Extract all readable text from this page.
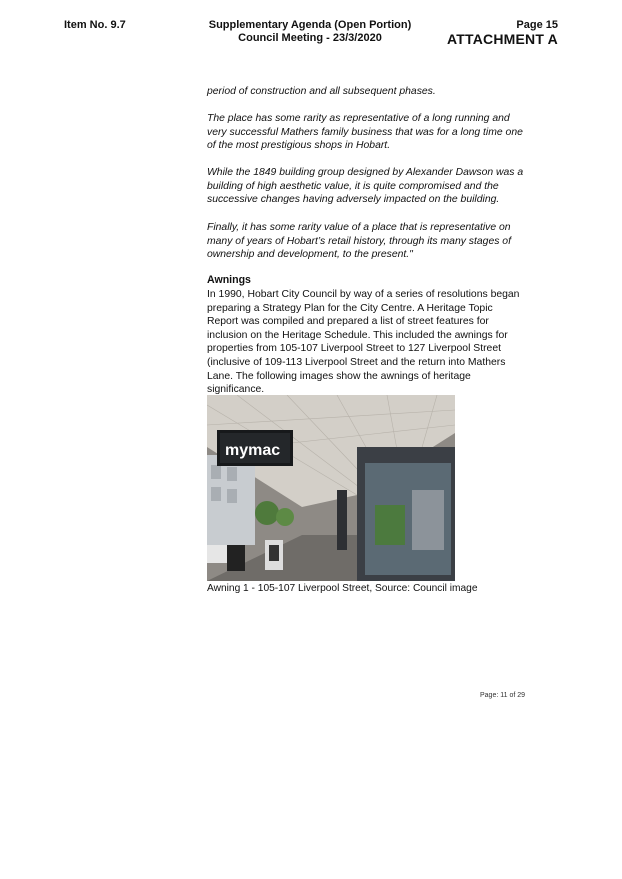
Item No. 9.7	Supplementary Agenda (Open Portion)
Council Meeting - 23/3/2020
Page 15
ATTACHMENT A

period of construction and all subsequent phases.

The place has some rarity as representative of a long running and very successful Mathers family business that was for a long time one of the most prestigious shops in Hobart.

While the 1849 building group designed by Alexander Dawson was a building of high aesthetic value, it is quite compromised and the successive changes having adversely impacted on the building.

Finally, it has some rarity value of a place that is representative on many of years of Hobart’s retail history, through its many stages of ownership and development, to the present."

Awnings

In 1990, Hobart City Council by way of a series of resolutions began preparing a Strategy Plan for the City Centre. A Heritage Topic Report was compiled and prepared a list of street features for inclusion on the Heritage Schedule. This included the awnings for properties from 105-107 Liverpool Street to 127 Liverpool Street (inclusive of 109-113 Liverpool Street and the return into Mathers Lane. The following images show the awnings of heritage significance.

mymac
Awning 1 - 105-107 Liverpool Street, Source: Council image
Page: 11 of 29
